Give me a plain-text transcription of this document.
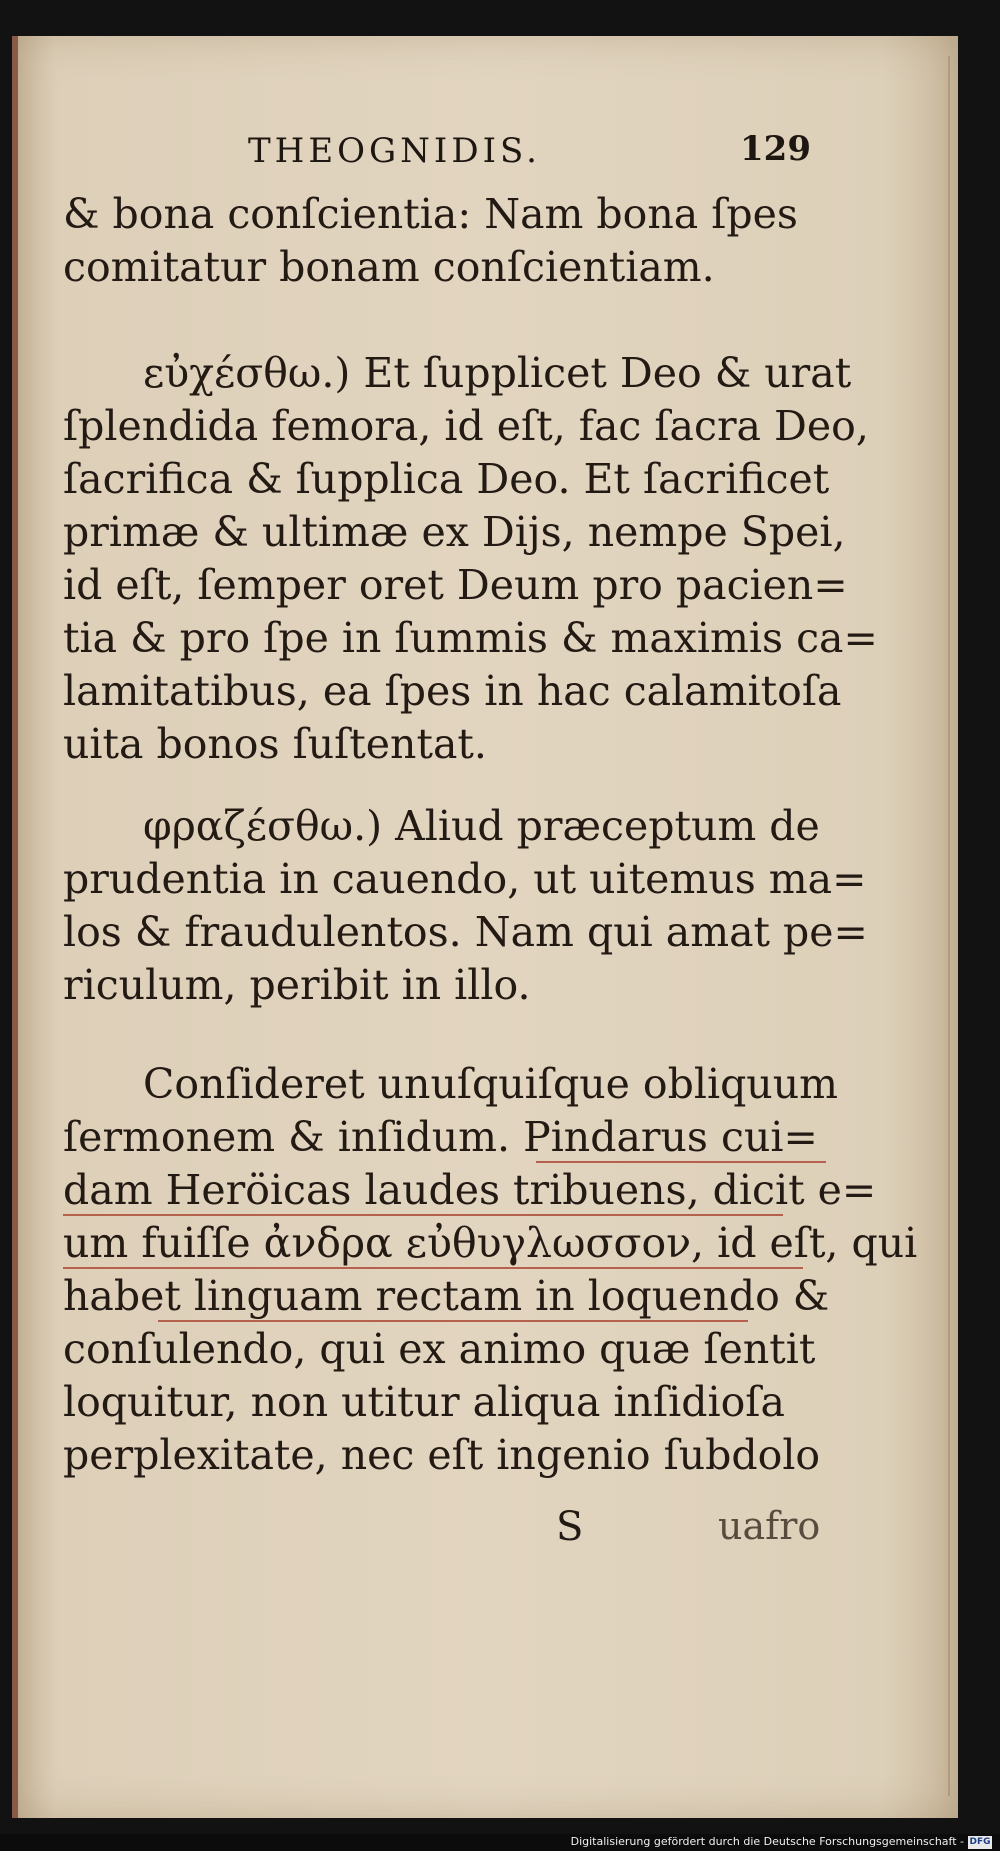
THEOGNIDIS.	129
& bona conſcientia: Nam bona ſpes
comitatur bonam conſcientiam.
εὐχέσθω.) Et ſupplicet Deo & urat
ſplendida femora, id eſt, fac ſacra Deo,
ſacrifica & ſupplica Deo. Et ſacrificet
primæ & ultimæ ex Dijs, nempe Spei,
id eſt, ſemper oret Deum pro pacien=
tia & pro ſpe in ſummis & maximis ca=
lamitatibus, ea ſpes in hac calamitoſa
uita bonos ſuſtentat.
φραζέσθω.) Aliud præceptum de
prudentia in cauendo, ut uitemus ma=
los & fraudulentos. Nam qui amat pe=
riculum, peribit in illo.
Conſideret unuſquiſque obliquum
ſermonem & inſidum. Pindarus cui=
dam Heröicas laudes tribuens, dicit e=
um fuiſſe ἀνδρα εὐθυγλωσσον, id eſt, qui
habet linguam rectam in loquendo &
conſulendo, qui ex animo quæ ſentit
loquitur, non utitur aliqua inſidioſa
perplexitate, nec eſt ingenio ſubdolo
S	uafro
Digitalisierung gefördert durch die Deutsche Forschungsgemeinschaft - DFG
